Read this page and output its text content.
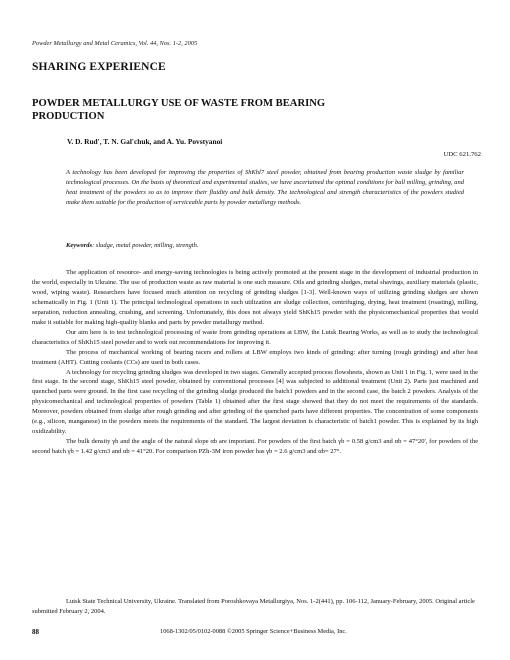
Powder Metallurgy and Metal Ceramics, Vol. 44, Nos. 1-2, 2005
SHARING EXPERIENCE
POWDER METALLURGY USE OF WASTE FROM BEARING PRODUCTION
V. D. Rud', T. N. Gal'chuk, and A. Yu. Povstyanoi
UDC 621.762

A technology has been developed for improving the properties of ShKhl7 steel powder, obtained from bearing production waste sludge by familiar technological processes. On the basis of theoretical and experimental studies, we have ascertained the optimal conditions for ball milling, grinding, and heat treatment of the powders so as to improve their fluidity and bulk density. The technological and strength characteristics of the powders studied make them suitable for the production of serviceable parts by powder metallurgy methods.

Keywords: sludge, metal powder, milling, strength.

The application of resource- and energy-saving technologies is being actively promoted at the present stage in the development of industrial production in the world, especially in Ukraine. The use of production waste as raw material is one such measure. Oils and grinding sludges, metal shavings, auxiliary materials (plastic, wood, wiping waste). Researchers have focused much attention on recycling of grinding sludges [1-3]. Well-known ways of utilizing grinding sludges are shown schematically in Fig. 1 (Unit 1). The principal technological operations in such utilization are sludge collection, centrifuging, drying, heat treatment (roasting), milling, separation, reduction annealing, crushing, and screening. Unfortunately, this does not always yield ShKh15 powder with the physicomechanical properties that would make it suitable for making high-quality blanks and parts by powder metallurgy method.

Our aim here is to test technological processing of waste from grinding operations at LBW, the Lutsk Bearing Works, as well as to study the technological characteristics of ShKh15 steel powder and to work out recommendations for improving it.

The process of mechanical working of bearing racers and rollers at LBW employs two kinds of grinding: after turning (rough grinding) and after heat treatment (AHT). Cutting coolants (CCs) are used in both cases.

A technology for recycling grinding sludges was developed in two stages. Generally accepted process flowsheets, shown as Unit 1 in Fig. 1, were used in the first stage. In the second stage, ShKh15 steel powder, obtained by conventional processes [4] was subjected to additional treatment (Unit 2). Parts just machined and quenched parts were ground. In the first case recycling of the grinding sludge produced the batch1 powders and in the second case, the batch 2 powders. Analysis of the physicomechanical and technological properties of powders (Table 1) obtained after the first stage showed that they do not meet the requirements of the standards. Moreover, powders obtained from sludge after rough grinding and after grinding of the quenched parts have different properties. The concentration of some components (e.g., silicon, manganese) in the powders meets the requirements of the standard. The largest deviation is characteristic of batch1 powder. This is explained by its high oxidizability.

The bulk density γb and the angle of the natural slope αb are important. For powders of the first batch γb = 0.58 g/cm3 and αb = 47°20', for powders of the second batch γb = 1.42 g/cm3 and αb = 41°20. For comparison PZh-3M iron powder has γb = 2.6 g/cm3 and αb= 27°.

Lutsk State Technical University, Ukraine. Translated from Poroshkovaya Metallurgiya, Nos. 1-2(441), pp. 106-112, January-February, 2005. Original article submitted February 2, 2004.

88	1068-1302/05/0102-0088 ©2005 Springer Science+Business Media, Inc.
